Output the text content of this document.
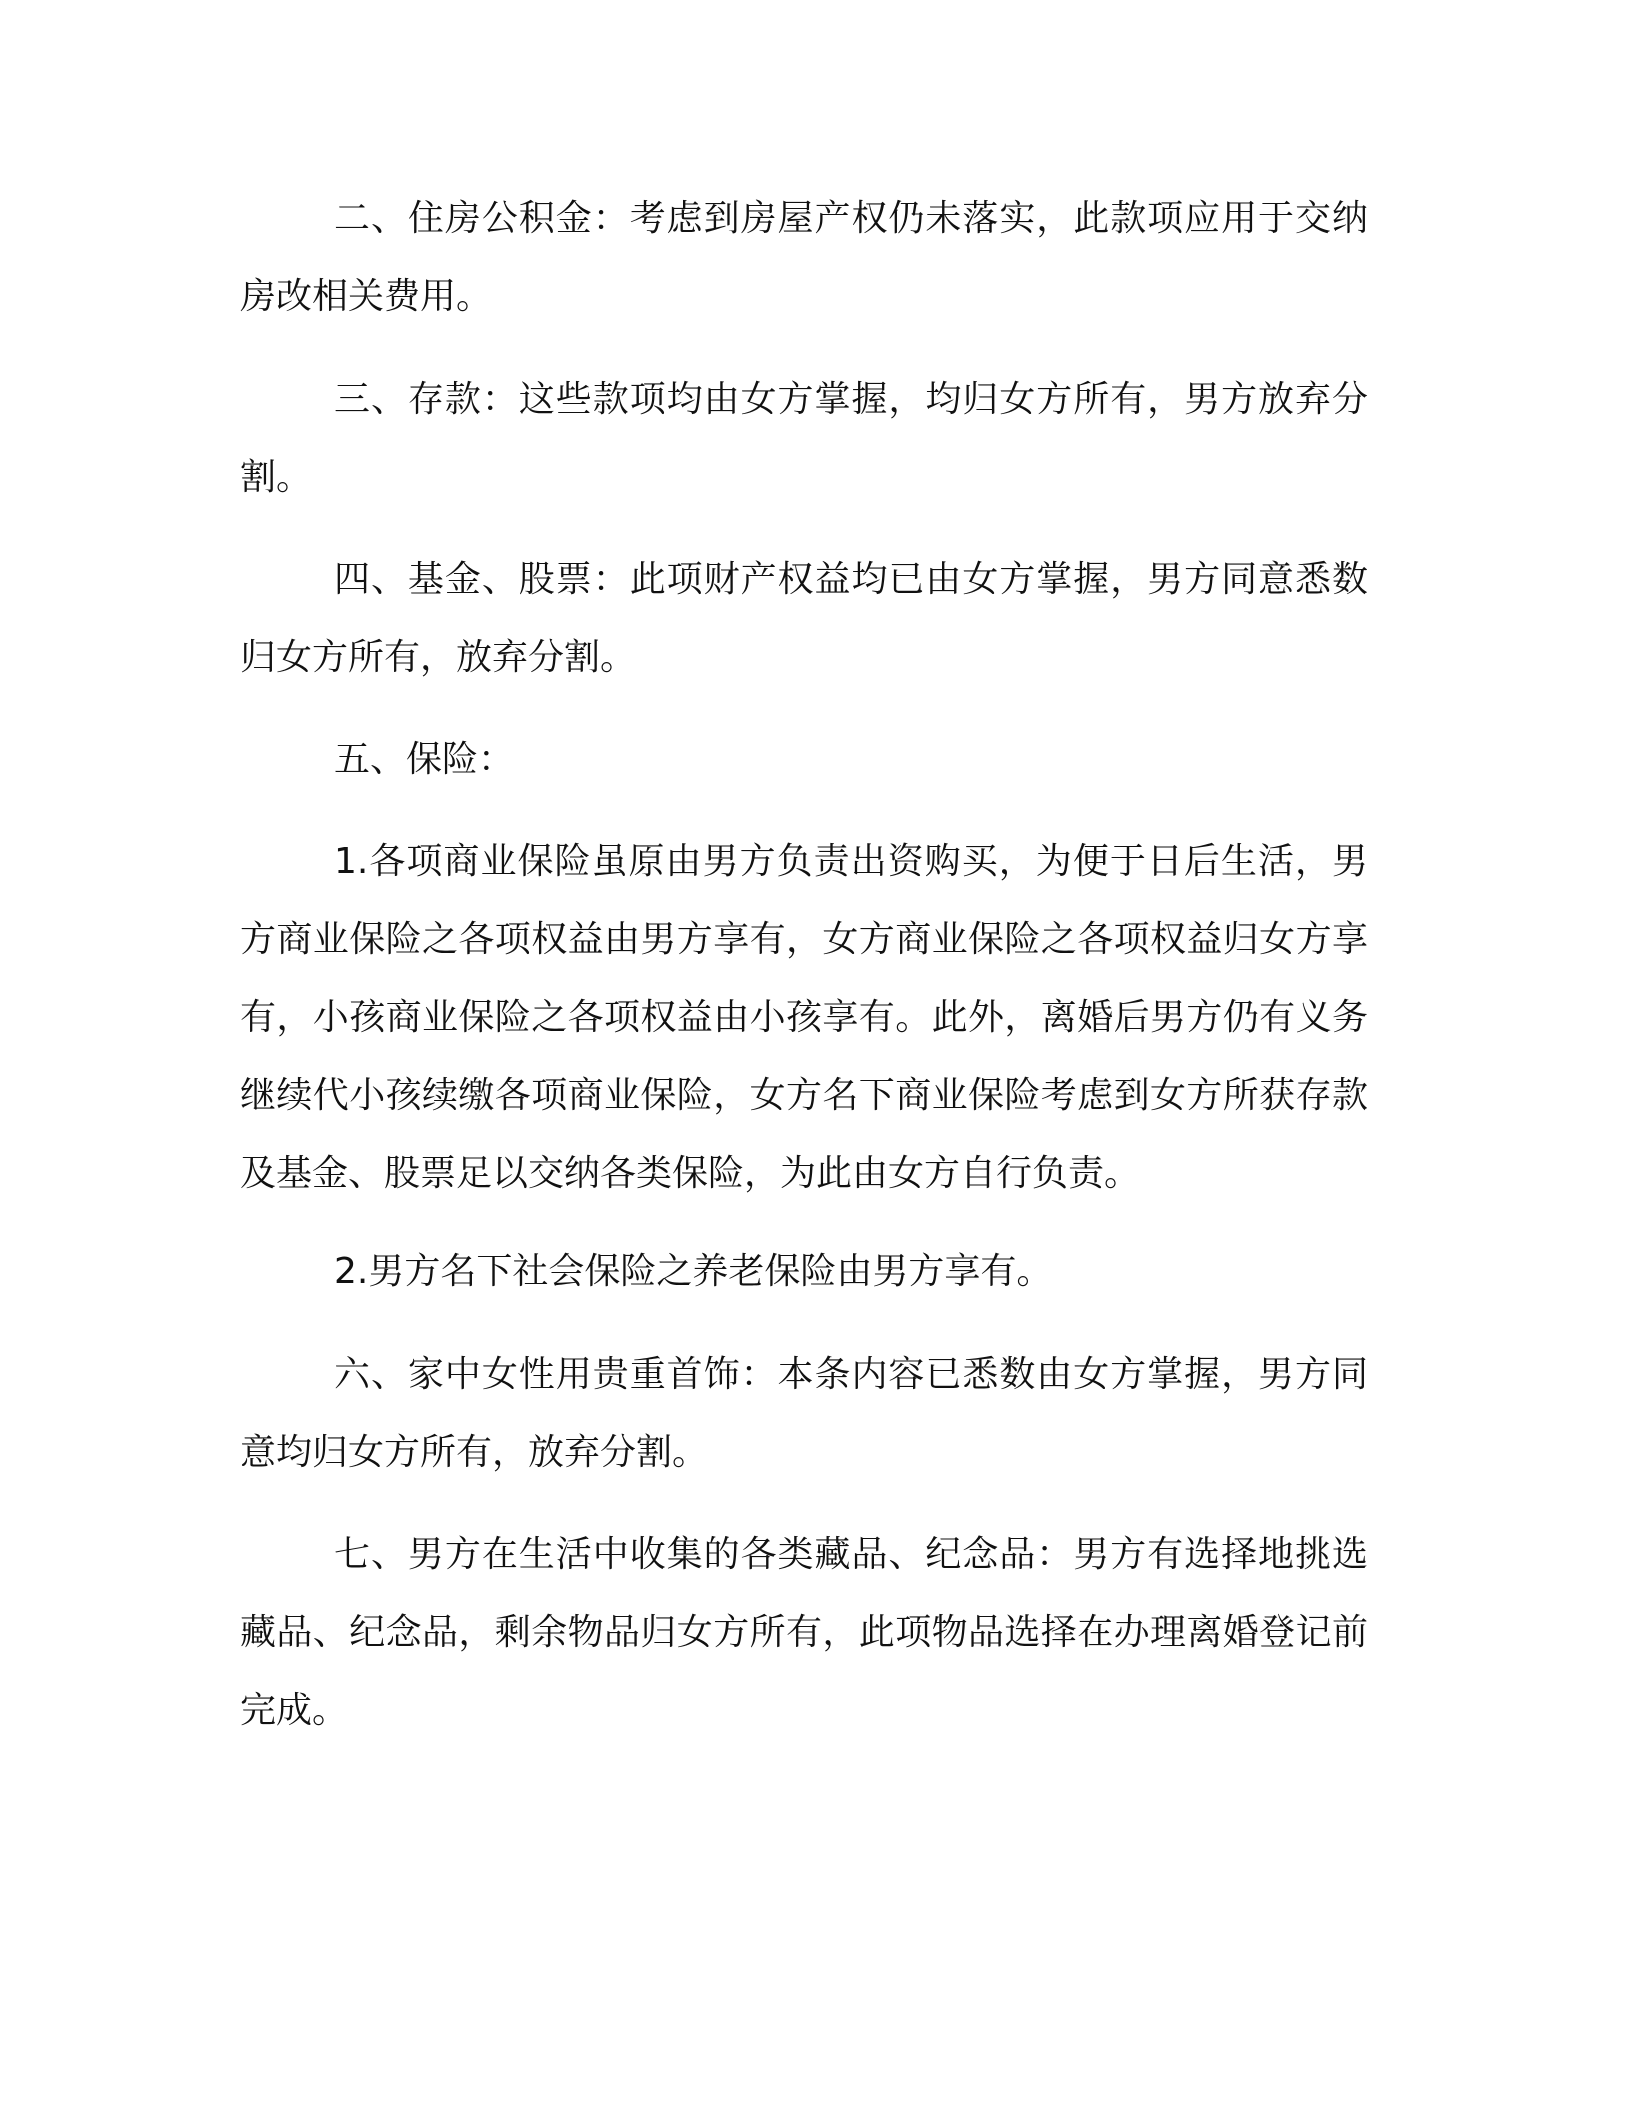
二、住房公积金：考虑到房屋产权仍未落实，此款项应用于交纳房改相关费用。

三、存款：这些款项均由女方掌握，均归女方所有，男方放弃分割。

四、基金、股票：此项财产权益均已由女方掌握，男方同意悉数归女方所有，放弃分割。

五、保险：

1.各项商业保险虽原由男方负责出资购买，为便于日后生活，男方商业保险之各项权益由男方享有，女方商业保险之各项权益归女方享有，小孩商业保险之各项权益由小孩享有。此外，离婚后男方仍有义务继续代小孩续缴各项商业保险，女方名下商业保险考虑到女方所获存款及基金、股票足以交纳各类保险，为此由女方自行负责。

2.男方名下社会保险之养老保险由男方享有。

六、家中女性用贵重首饰：本条内容已悉数由女方掌握，男方同意均归女方所有，放弃分割。

七、男方在生活中收集的各类藏品、纪念品：男方有选择地挑选藏品、纪念品，剩余物品归女方所有，此项物品选择在办理离婚登记前完成。
